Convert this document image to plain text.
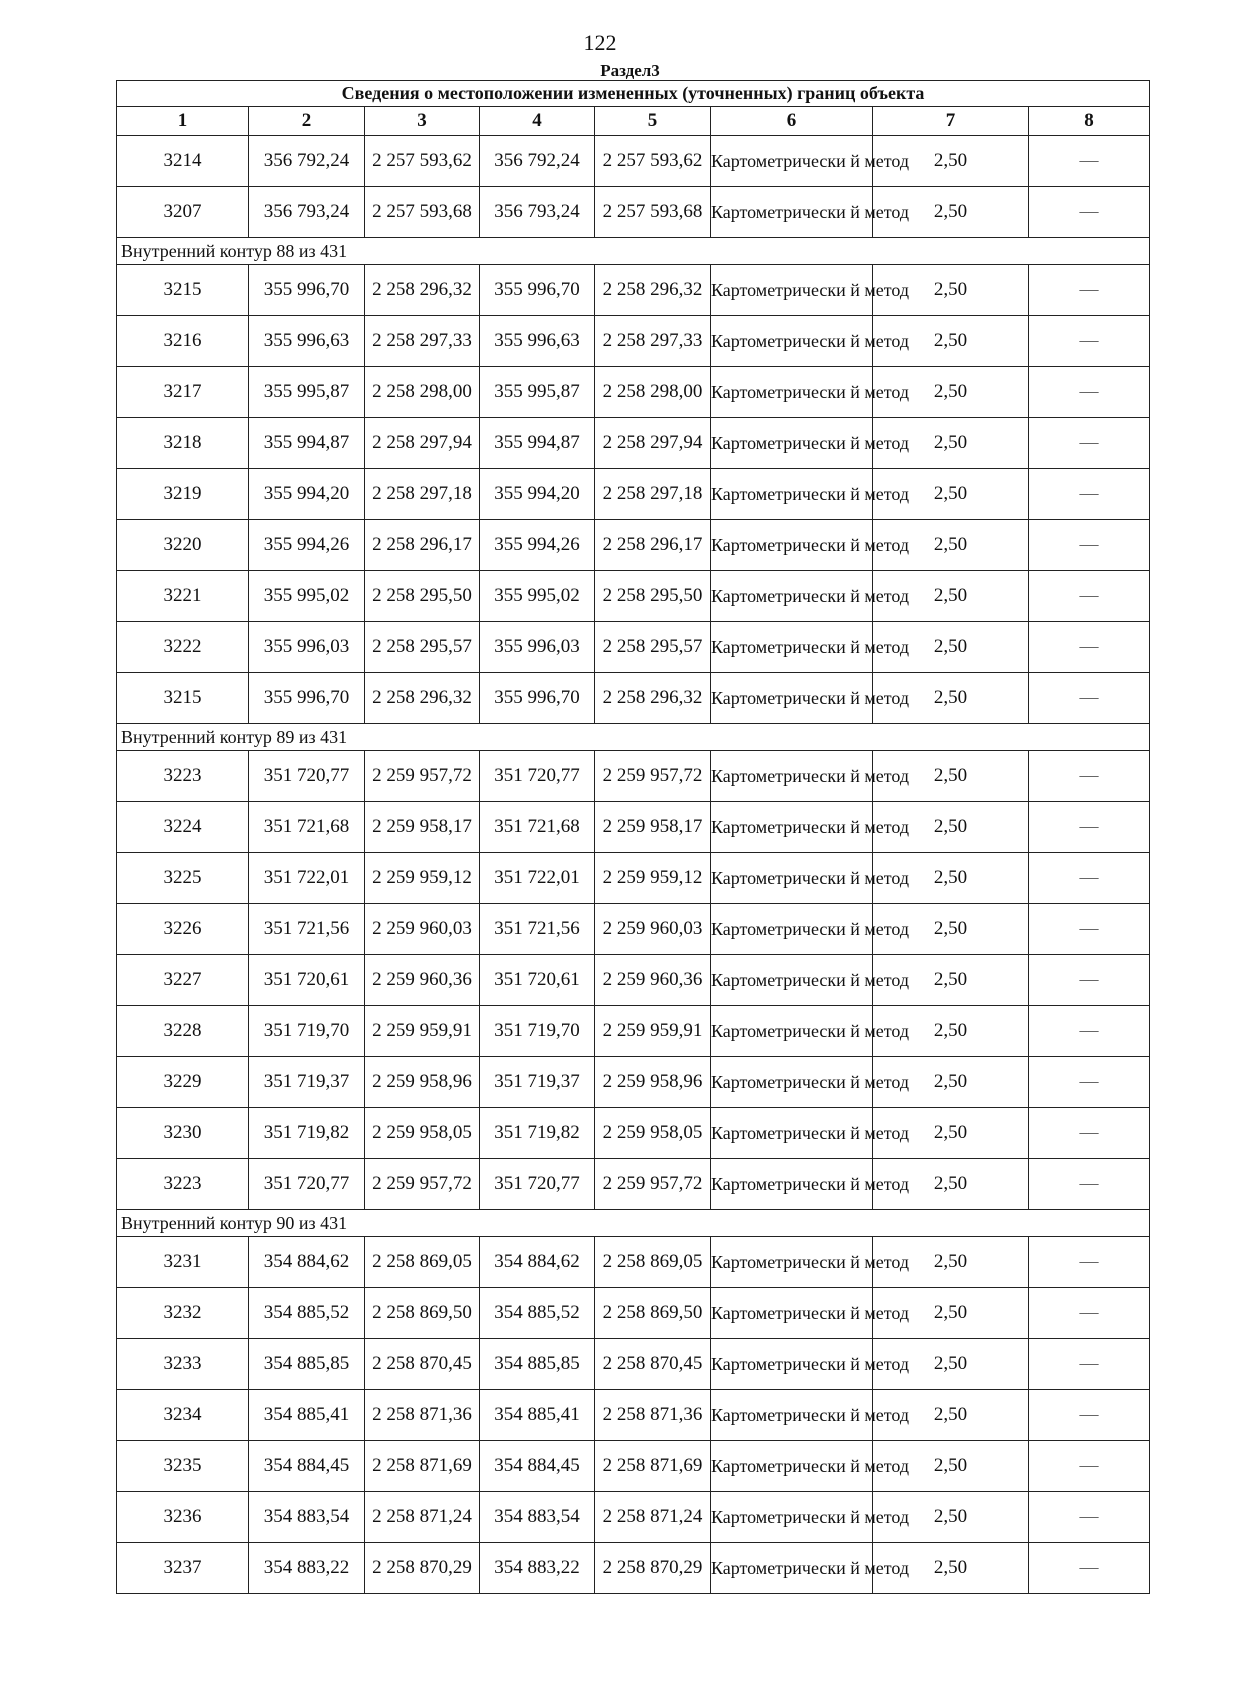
122
Раздел3
Сведения о местоположении измененных (уточненных) границ объекта							
1	2	3	4	5	6	7	8
3214	356 792,24	2 257 593,62	356 792,24	2 257 593,62	Картометрически й метод	2,50	—
3207	356 793,24	2 257 593,68	356 793,24	2 257 593,68	Картометрически й метод	2,50	—
Внутренний контур 88 из 431							
3215	355 996,70	2 258 296,32	355 996,70	2 258 296,32	Картометрически й метод	2,50	—
3216	355 996,63	2 258 297,33	355 996,63	2 258 297,33	Картометрически й метод	2,50	—
3217	355 995,87	2 258 298,00	355 995,87	2 258 298,00	Картометрически й метод	2,50	—
3218	355 994,87	2 258 297,94	355 994,87	2 258 297,94	Картометрически й метод	2,50	—
3219	355 994,20	2 258 297,18	355 994,20	2 258 297,18	Картометрически й метод	2,50	—
3220	355 994,26	2 258 296,17	355 994,26	2 258 296,17	Картометрически й метод	2,50	—
3221	355 995,02	2 258 295,50	355 995,02	2 258 295,50	Картометрически й метод	2,50	—
3222	355 996,03	2 258 295,57	355 996,03	2 258 295,57	Картометрически й метод	2,50	—
3215	355 996,70	2 258 296,32	355 996,70	2 258 296,32	Картометрически й метод	2,50	—
Внутренний контур 89 из 431							
3223	351 720,77	2 259 957,72	351 720,77	2 259 957,72	Картометрически й метод	2,50	—
3224	351 721,68	2 259 958,17	351 721,68	2 259 958,17	Картометрически й метод	2,50	—
3225	351 722,01	2 259 959,12	351 722,01	2 259 959,12	Картометрически й метод	2,50	—
3226	351 721,56	2 259 960,03	351 721,56	2 259 960,03	Картометрически й метод	2,50	—
3227	351 720,61	2 259 960,36	351 720,61	2 259 960,36	Картометрически й метод	2,50	—
3228	351 719,70	2 259 959,91	351 719,70	2 259 959,91	Картометрически й метод	2,50	—
3229	351 719,37	2 259 958,96	351 719,37	2 259 958,96	Картометрически й метод	2,50	—
3230	351 719,82	2 259 958,05	351 719,82	2 259 958,05	Картометрически й метод	2,50	—
3223	351 720,77	2 259 957,72	351 720,77	2 259 957,72	Картометрически й метод	2,50	—
Внутренний контур 90 из 431							
3231	354 884,62	2 258 869,05	354 884,62	2 258 869,05	Картометрически й метод	2,50	—
3232	354 885,52	2 258 869,50	354 885,52	2 258 869,50	Картометрически й метод	2,50	—
3233	354 885,85	2 258 870,45	354 885,85	2 258 870,45	Картометрически й метод	2,50	—
3234	354 885,41	2 258 871,36	354 885,41	2 258 871,36	Картометрически й метод	2,50	—
3235	354 884,45	2 258 871,69	354 884,45	2 258 871,69	Картометрически й метод	2,50	—
3236	354 883,54	2 258 871,24	354 883,54	2 258 871,24	Картометрически й метод	2,50	—
3237	354 883,22	2 258 870,29	354 883,22	2 258 870,29	Картометрически й метод	2,50	—
